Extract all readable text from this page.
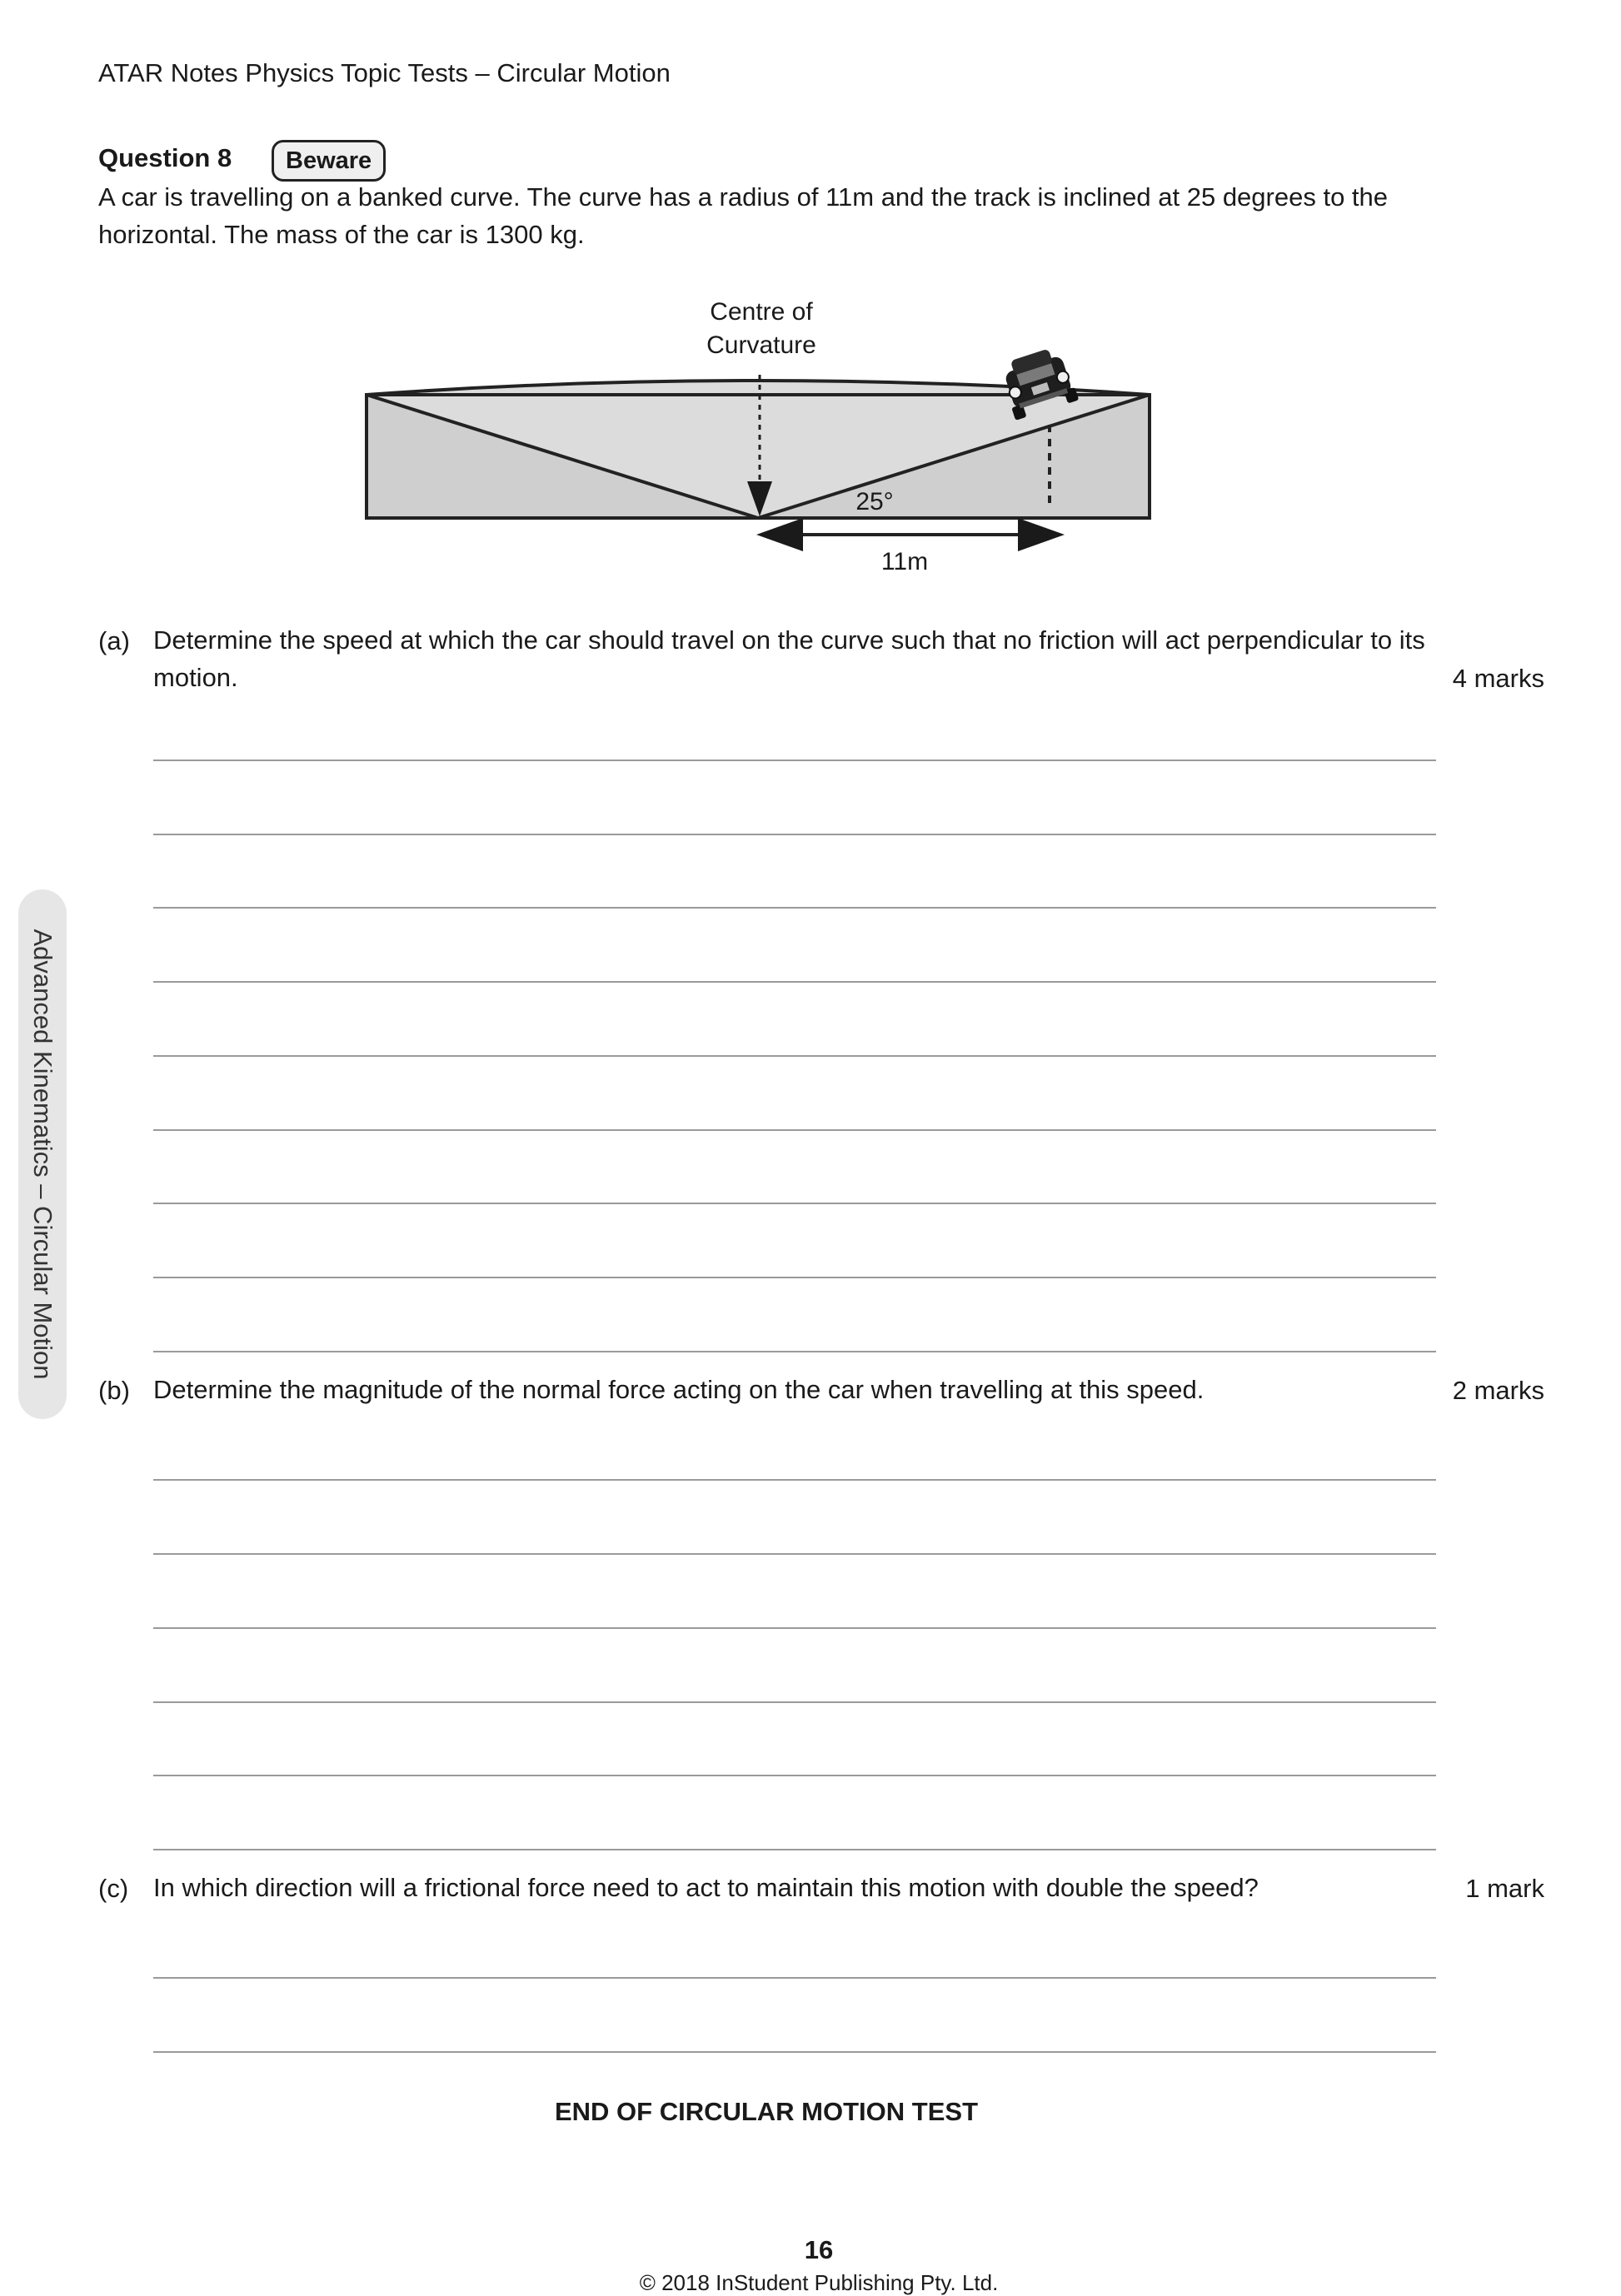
ATAR Notes Physics Topic Tests – Circular Motion
Question 8	Beware
A car is travelling on a banked curve. The curve has a radius of 11m and the track is inclined at 25 degrees to the horizontal. The mass of the car is 1300 kg.
Centre of
Curvature
25°
11m
(a) Determine the speed at which the car should travel on the curve such that no friction will act perpendicular to its motion.	4 marks
(b) Determine the magnitude of the normal force acting on the car when travelling at this speed.	2 marks
(c) In which direction will a frictional force need to act to maintain this motion with double the speed?	1 mark
END OF CIRCULAR MOTION TEST
16
© 2018 InStudent Publishing Pty. Ltd.
Advanced Kinematics – Circular Motion
